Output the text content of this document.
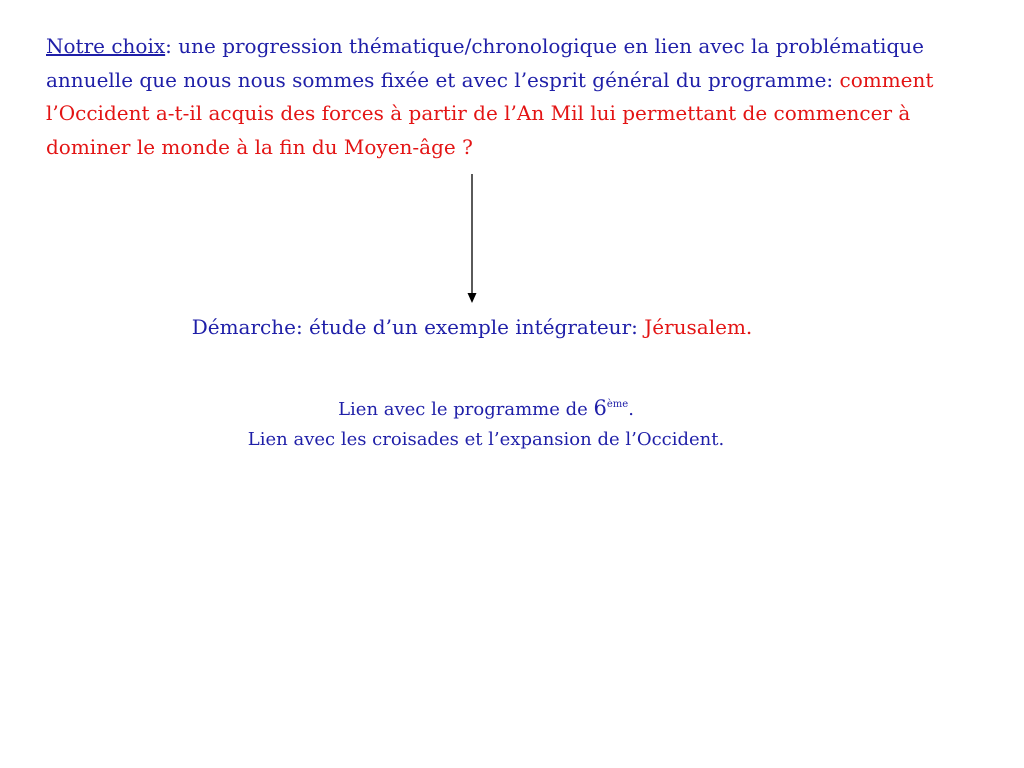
Notre choix: une progression thématique/chronologique en lien avec la problématique annuelle que nous nous sommes fixée et avec l’esprit général du programme: comment l’Occident a-t-il acquis des forces à partir de l’An Mil lui permettant de commencer à dominer le monde à la fin du Moyen-âge ?
Démarche: étude d’un exemple intégrateur: Jérusalem.
Lien avec le programme de 6ème.
Lien avec les croisades et l’expansion de l’Occident.
